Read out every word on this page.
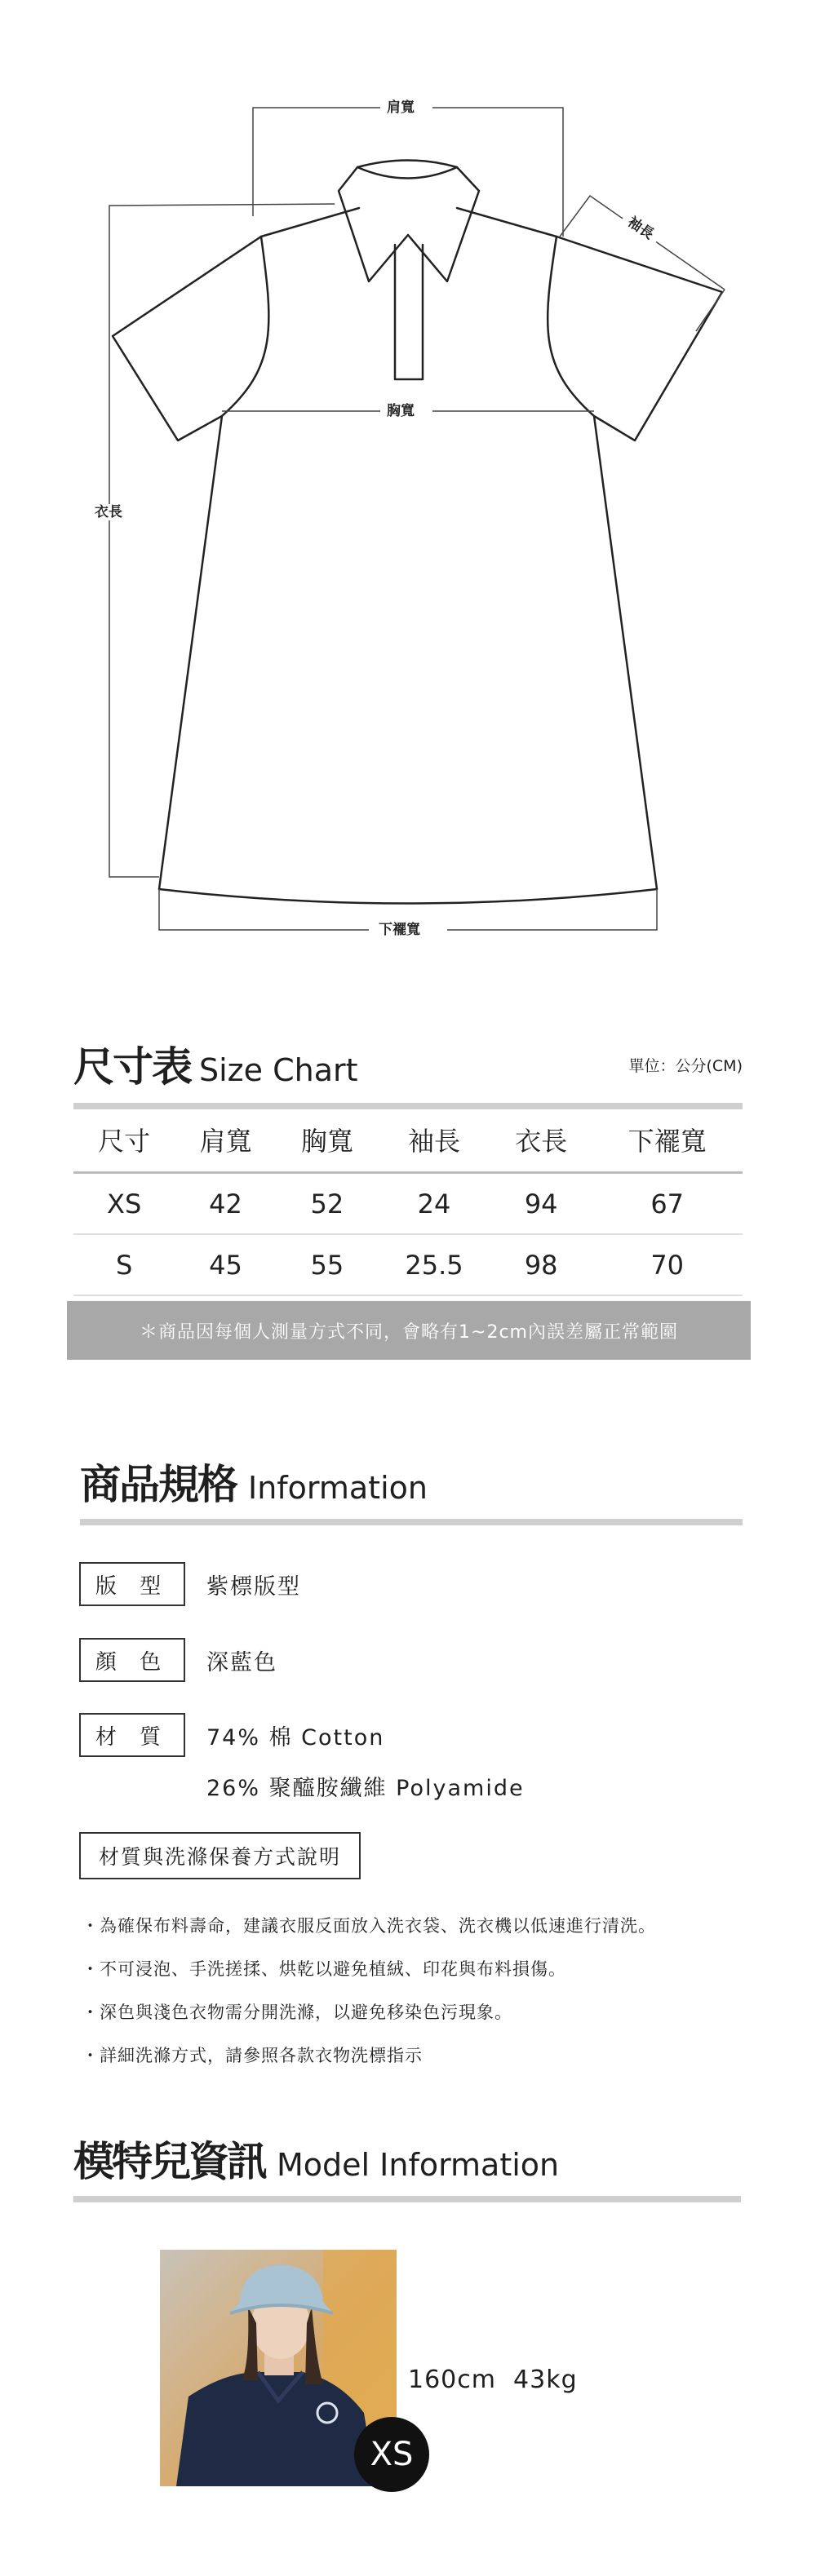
肩寬
袖長
胸寬
衣長
下襬寬
尺寸表 Size Chart	單位：公分(CM)
尺寸	肩寬	胸寬	袖長	衣長	下襬寬
XS	42	52	24	94	67
S	45	55	25.5	98	70
＊商品因每個人測量方式不同，會略有1~2cm內誤差屬正常範圍
商品規格 Information
版 型	紫標版型
顏 色	深藍色
材 質	74% 棉 Cotton
26% 聚醯胺纖維 Polyamide
材質與洗滌保養方式說明
・為確保布料壽命，建議衣服反面放入洗衣袋、洗衣機以低速進行清洗。
・不可浸泡、手洗搓揉、烘乾以避免植絨、印花與布料損傷。
・深色與淺色衣物需分開洗滌，以避免移染色污現象。
・詳細洗滌方式，請參照各款衣物洗標指示
模特兒資訊 Model Information
160cm  43kg
XS
